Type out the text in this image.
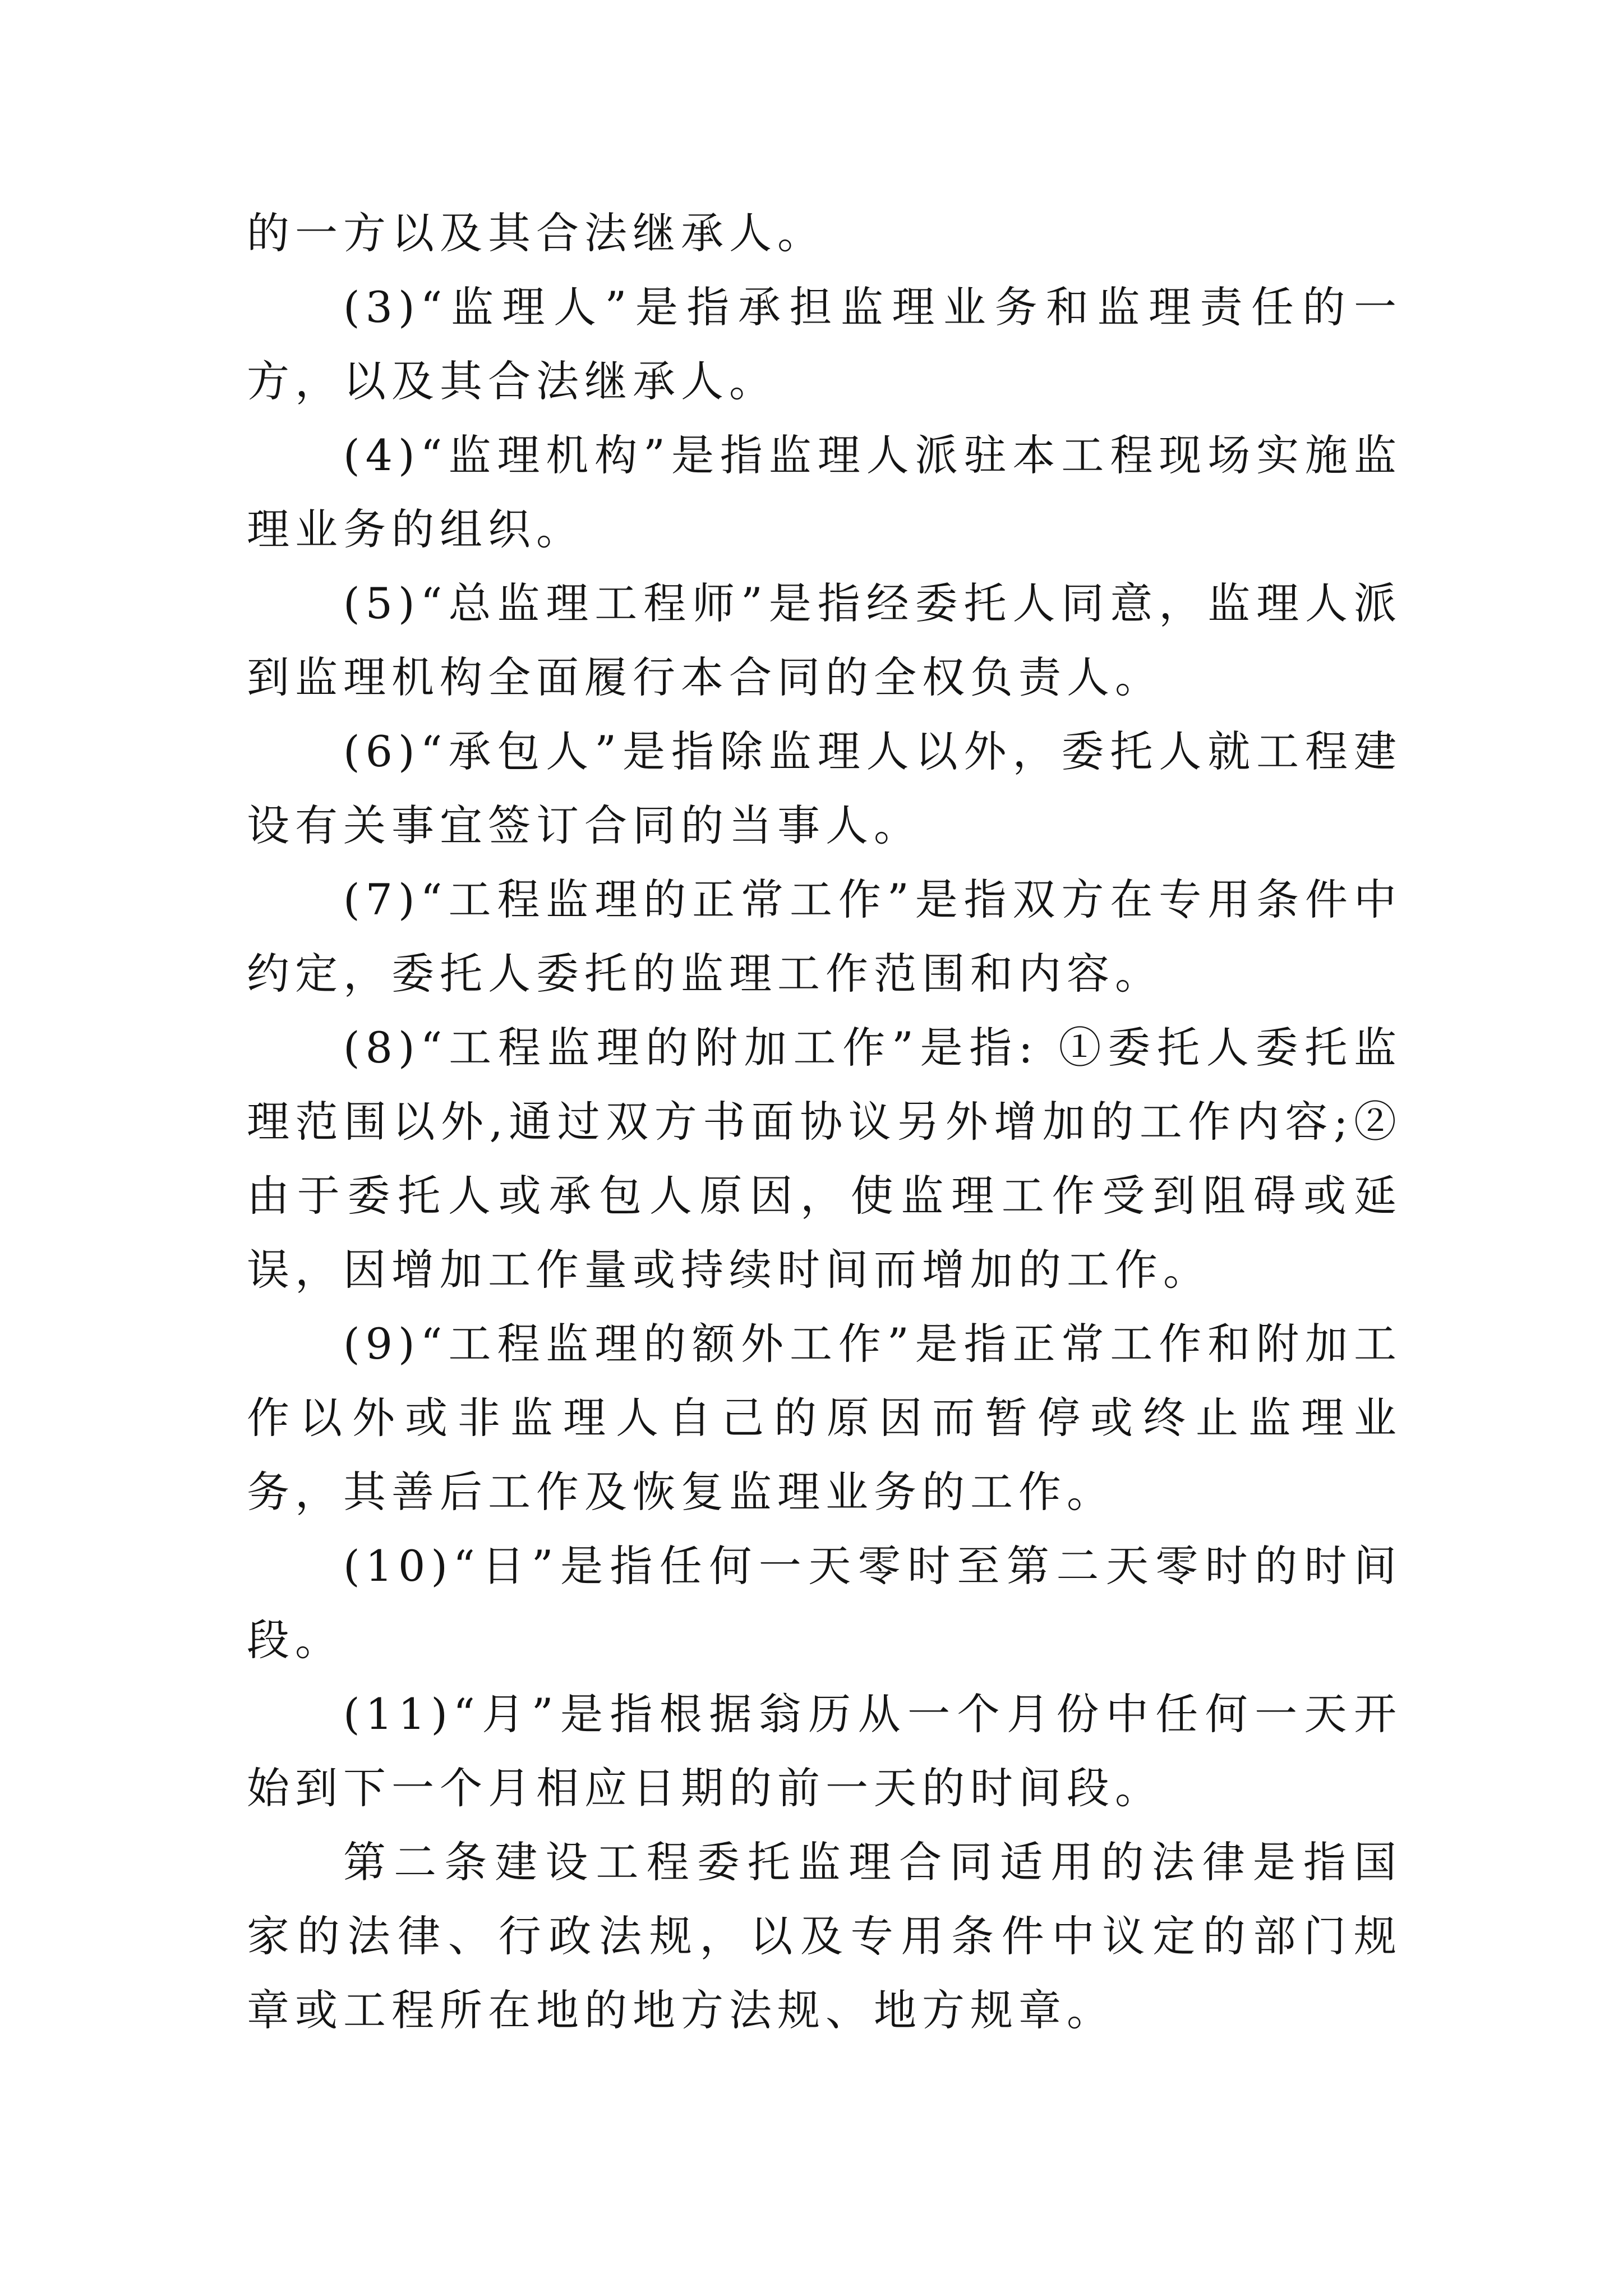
的一方以及其合法继承人。

(3)“监理人”是指承担监理业务和监理责任的一方，以及其合法继承人。

(4)“监理机构”是指监理人派驻本工程现场实施监理业务的组织。

(5)“总监理工程师”是指经委托人同意，监理人派到监理机构全面履行本合同的全权负责人。

(6)“承包人”是指除监理人以外，委托人就工程建设有关事宜签订合同的当事人。

(7)“工程监理的正常工作”是指双方在专用条件中约定，委托人委托的监理工作范围和内容。

(8)“工程监理的附加工作”是指: ①委托人委托监理范围以外,通过双方书面协议另外增加的工作内容;②由于委托人或承包人原因，使监理工作受到阻碍或延误，因增加工作量或持续时间而增加的工作。

(9)“工程监理的额外工作”是指正常工作和附加工作以外或非监理人自己的原因而暂停或终止监理业务，其善后工作及恢复监理业务的工作。

(10)“日”是指任何一天零时至第二天零时的时间段。

(11)“月”是指根据翁历从一个月份中任何一天开始到下一个月相应日期的前一天的时间段。

第二条建设工程委托监理合同适用的法律是指国家的法律、行政法规，以及专用条件中议定的部门规章或工程所在地的地方法规、地方规章。
